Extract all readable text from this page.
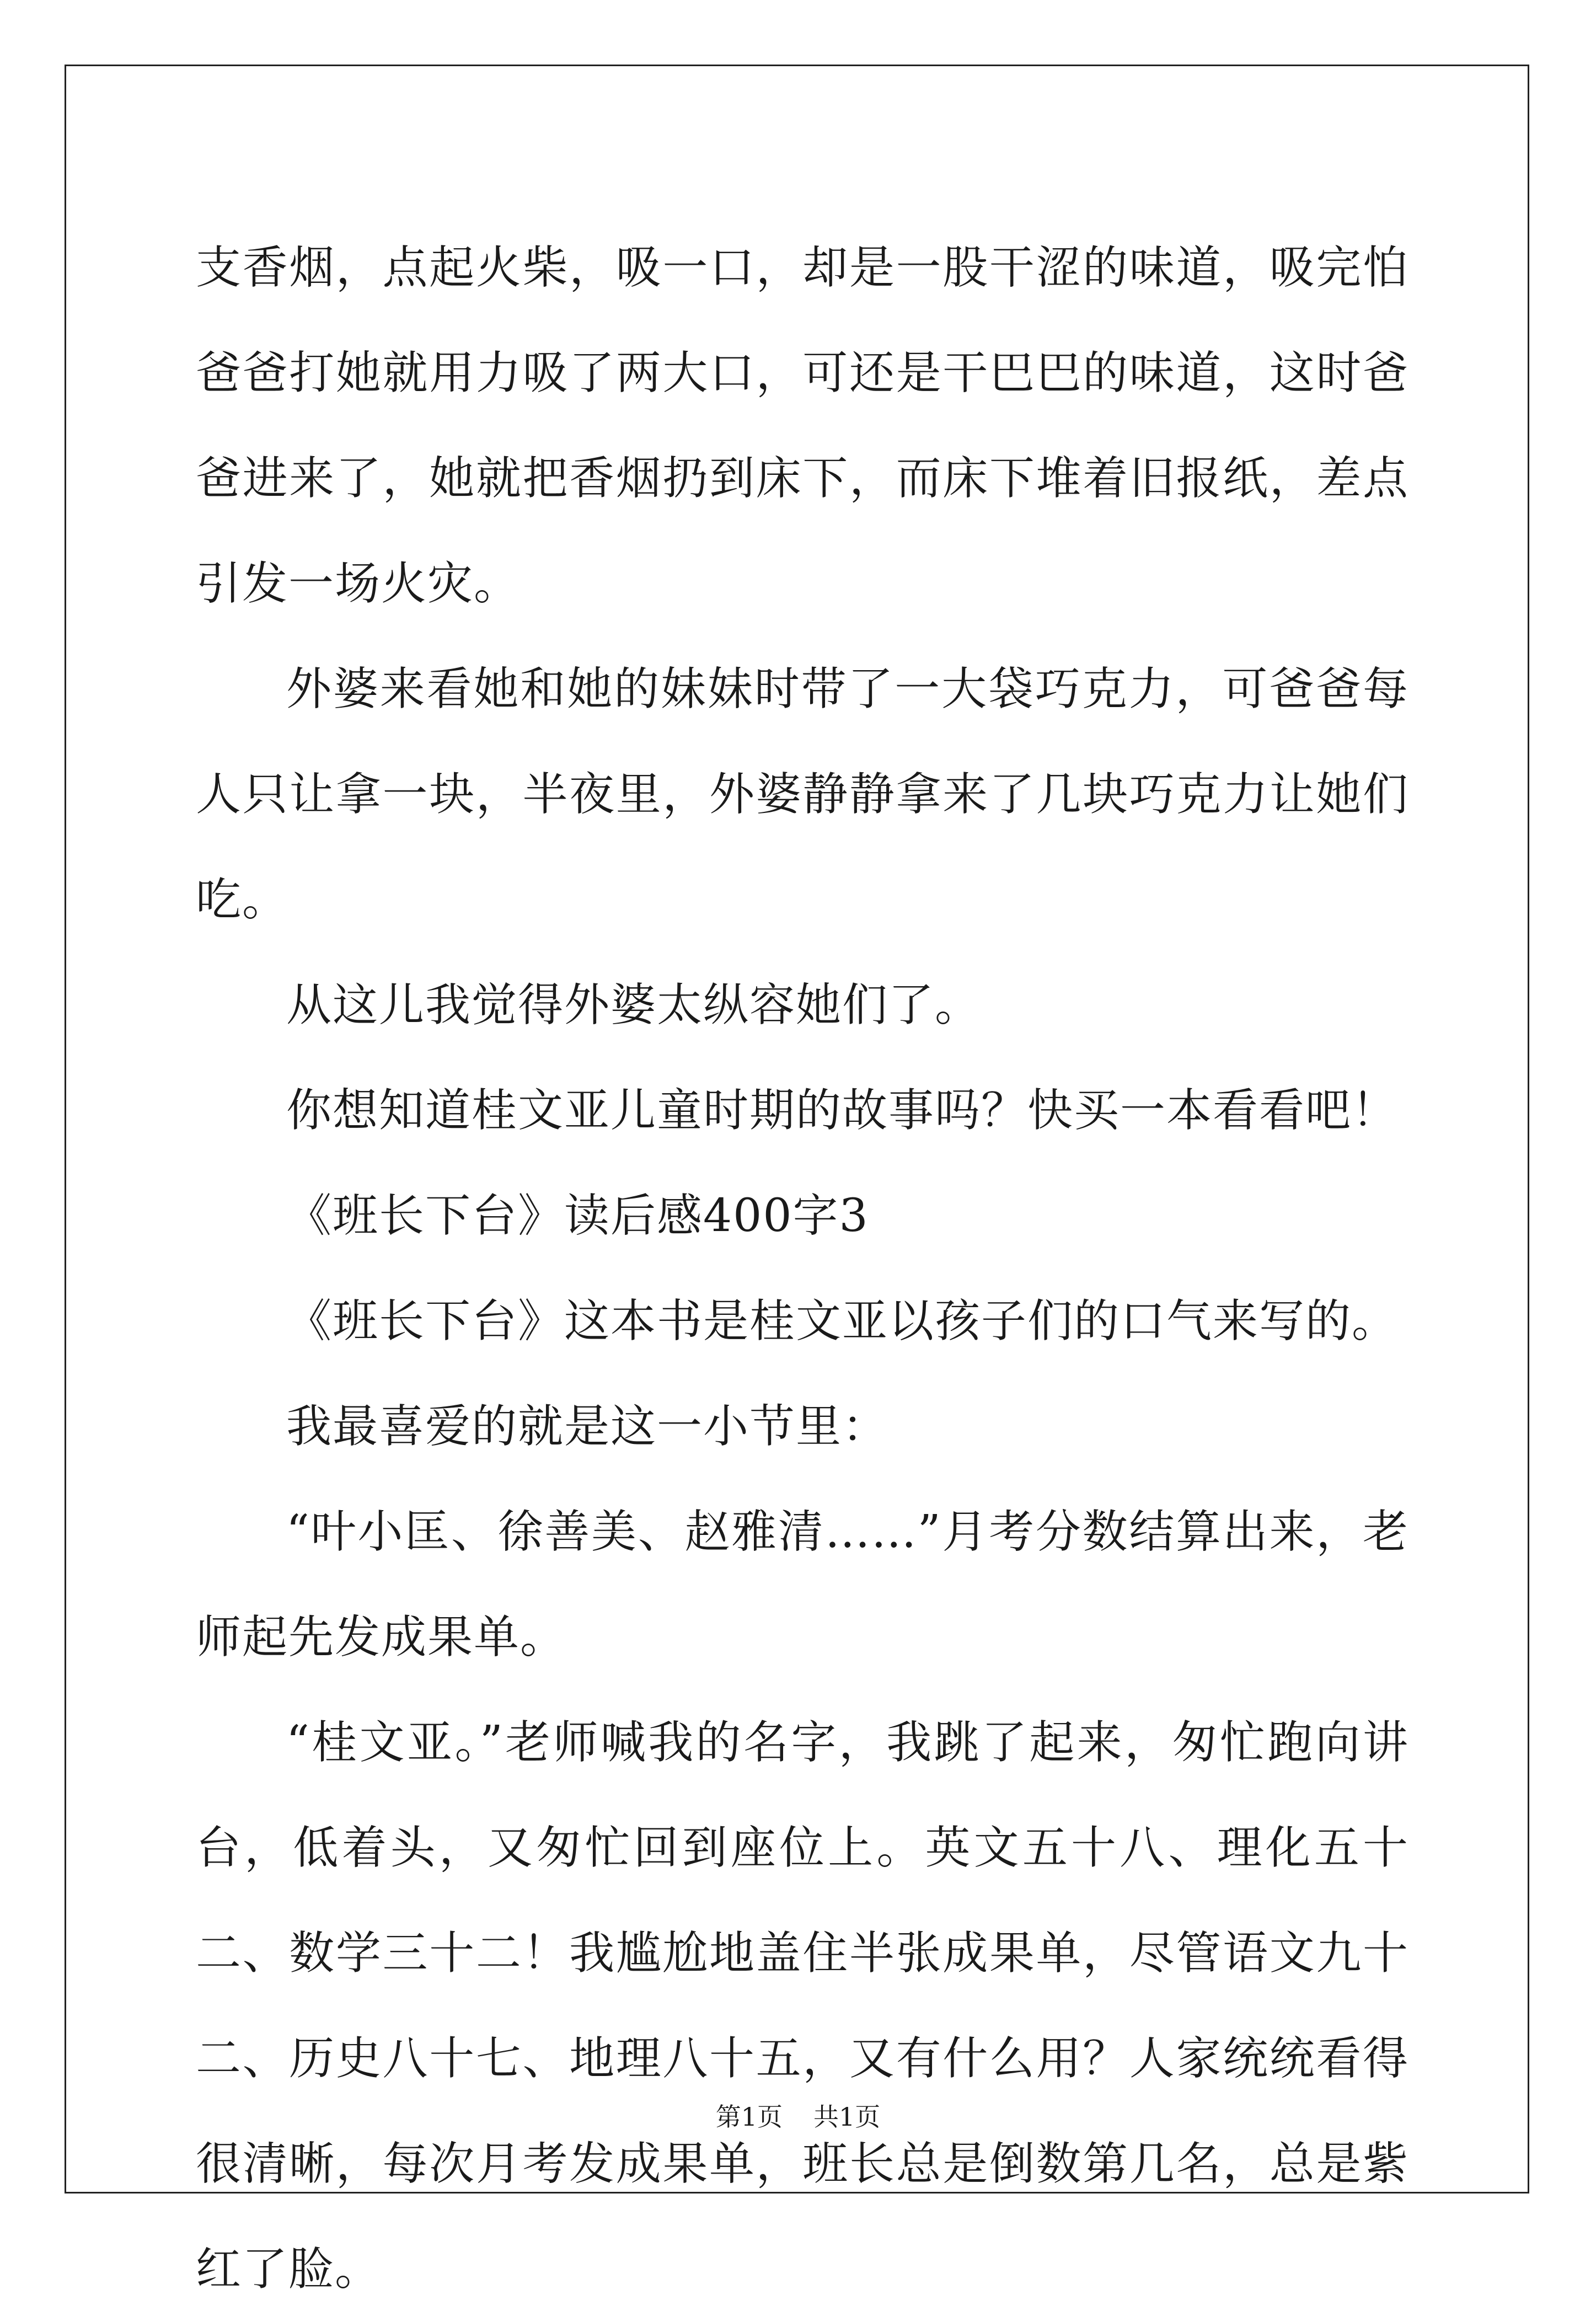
支香烟，点起火柴，吸一口，却是一股干涩的味道，吸完怕爸爸打她就用力吸了两大口，可还是干巴巴的味道，这时爸爸进来了，她就把香烟扔到床下，而床下堆着旧报纸，差点引发一场火灾。

外婆来看她和她的妹妹时带了一大袋巧克力，可爸爸每人只让拿一块，半夜里，外婆静静拿来了几块巧克力让她们吃。

从这儿我觉得外婆太纵容她们了。

你想知道桂文亚儿童时期的故事吗？快买一本看看吧！

《班长下台》读后感400字3

《班长下台》这本书是桂文亚以孩子们的口气来写的。

我最喜爱的就是这一小节里：

“叶小匡、徐善美、赵雅清……”月考分数结算出来，老师起先发成果单。

“桂文亚。”老师喊我的名字，我跳了起来，匆忙跑向讲台，低着头，又匆忙回到座位上。英文五十八、理化五十二、数学三十二！我尴尬地盖住半张成果单，尽管语文九十二、历史八十七、地理八十五，又有什么用？人家统统看得很清晰，每次月考发成果单，班长总是倒数第几名，总是紫红了脸。

第1页 共1页
